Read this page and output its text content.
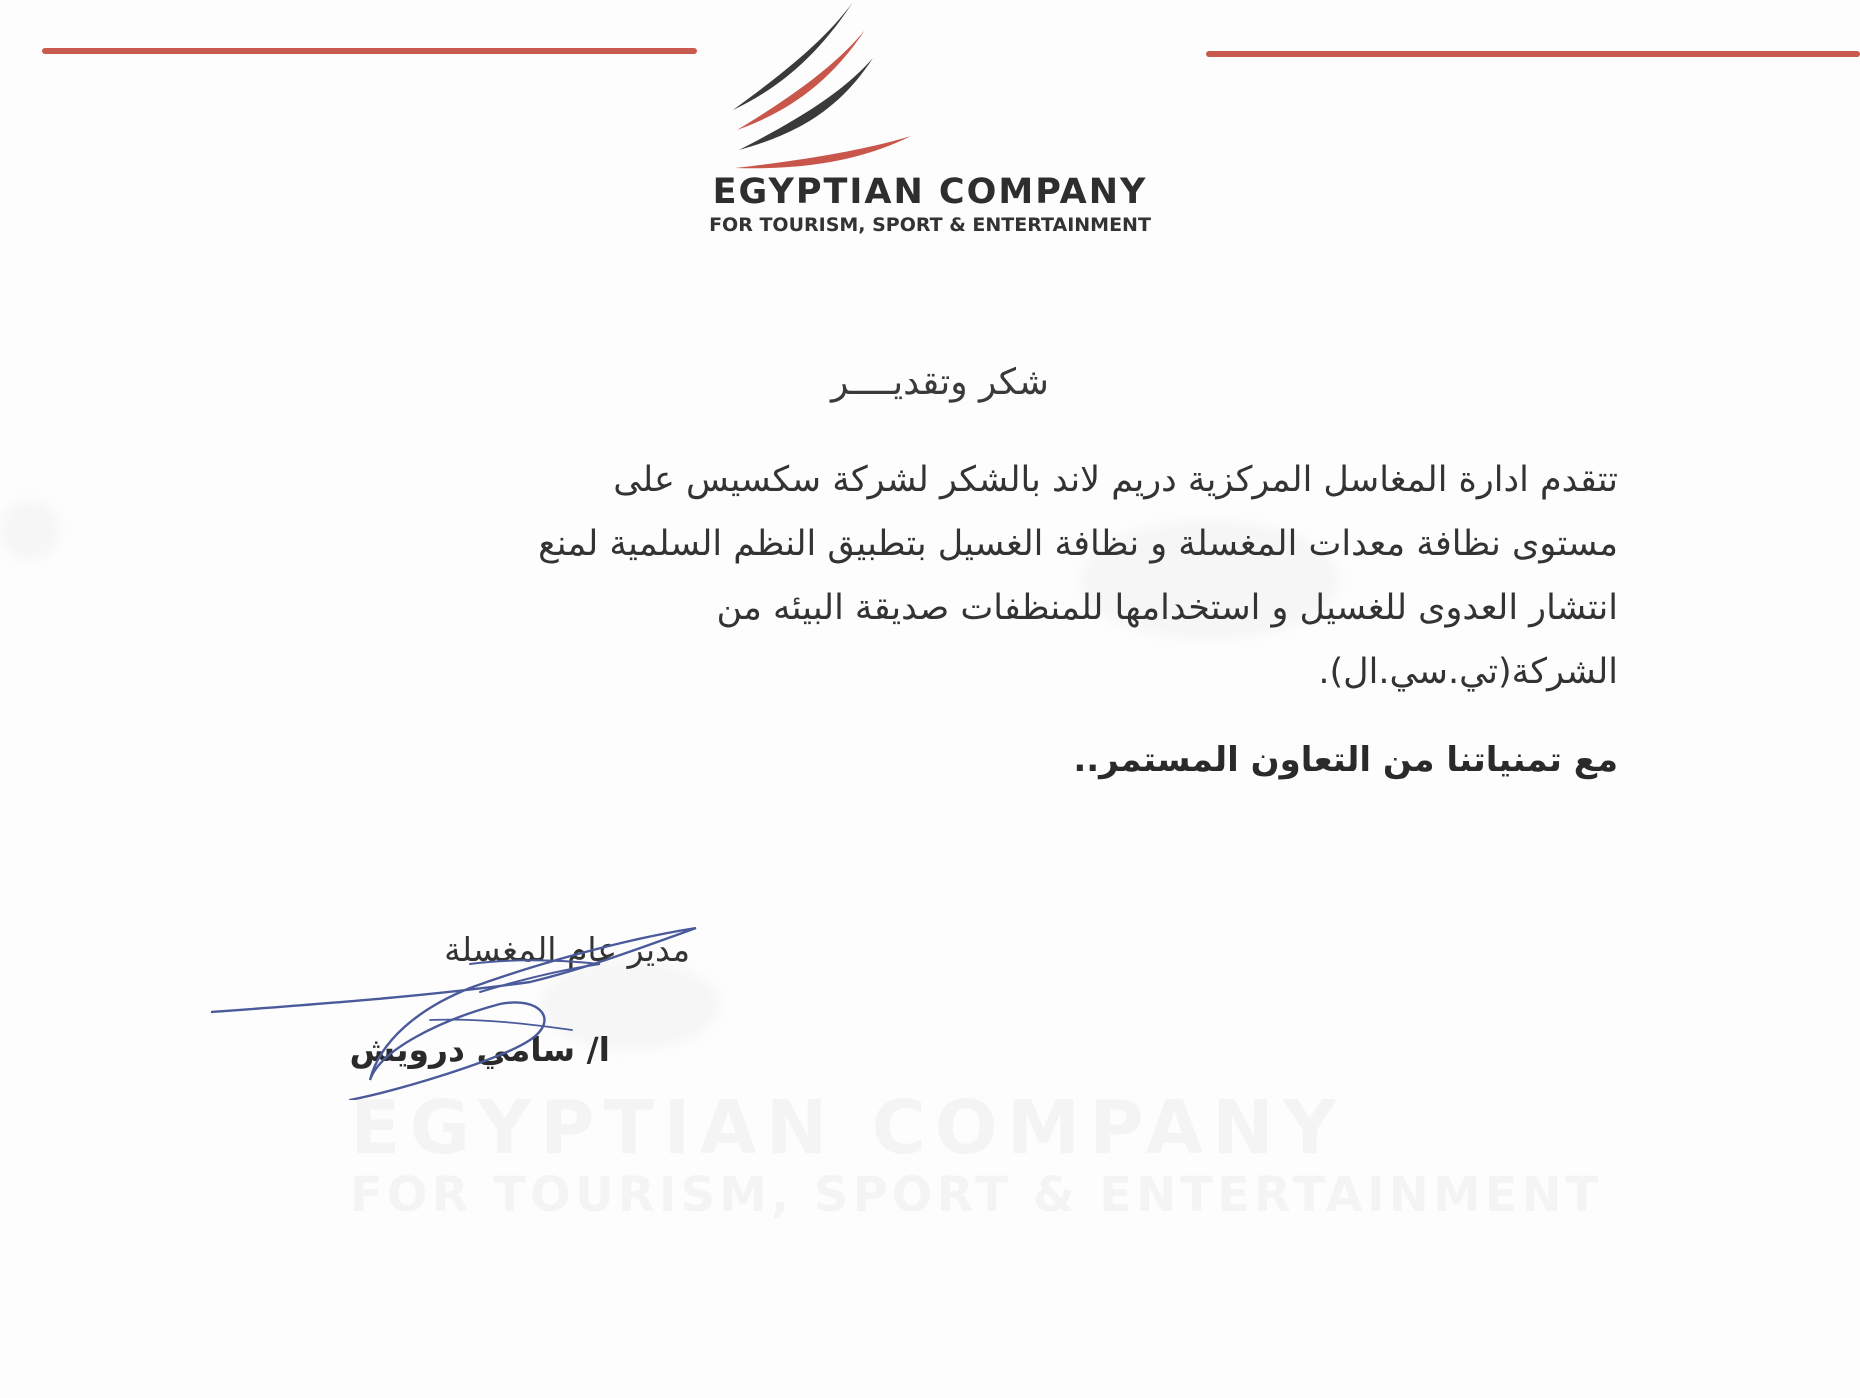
EGYPTIAN COMPANY
FOR TOURISM, SPORT & ENTERTAINMENT
شكر وتقديــــر
تتقدم ادارة المغاسل المركزية دريم لاند بالشكر لشركة سكسيس على
مستوى نظافة معدات المغسلة و نظافة الغسيل بتطبيق النظم السلمية لمنع
انتشار العدوى للغسيل و استخدامها للمنظفات صديقة البيئه من
الشركة(تي.سي.ال).
مع تمنياتنا من التعاون المستمر..
مدير عام المغسلة
ا/ سامي درويش
